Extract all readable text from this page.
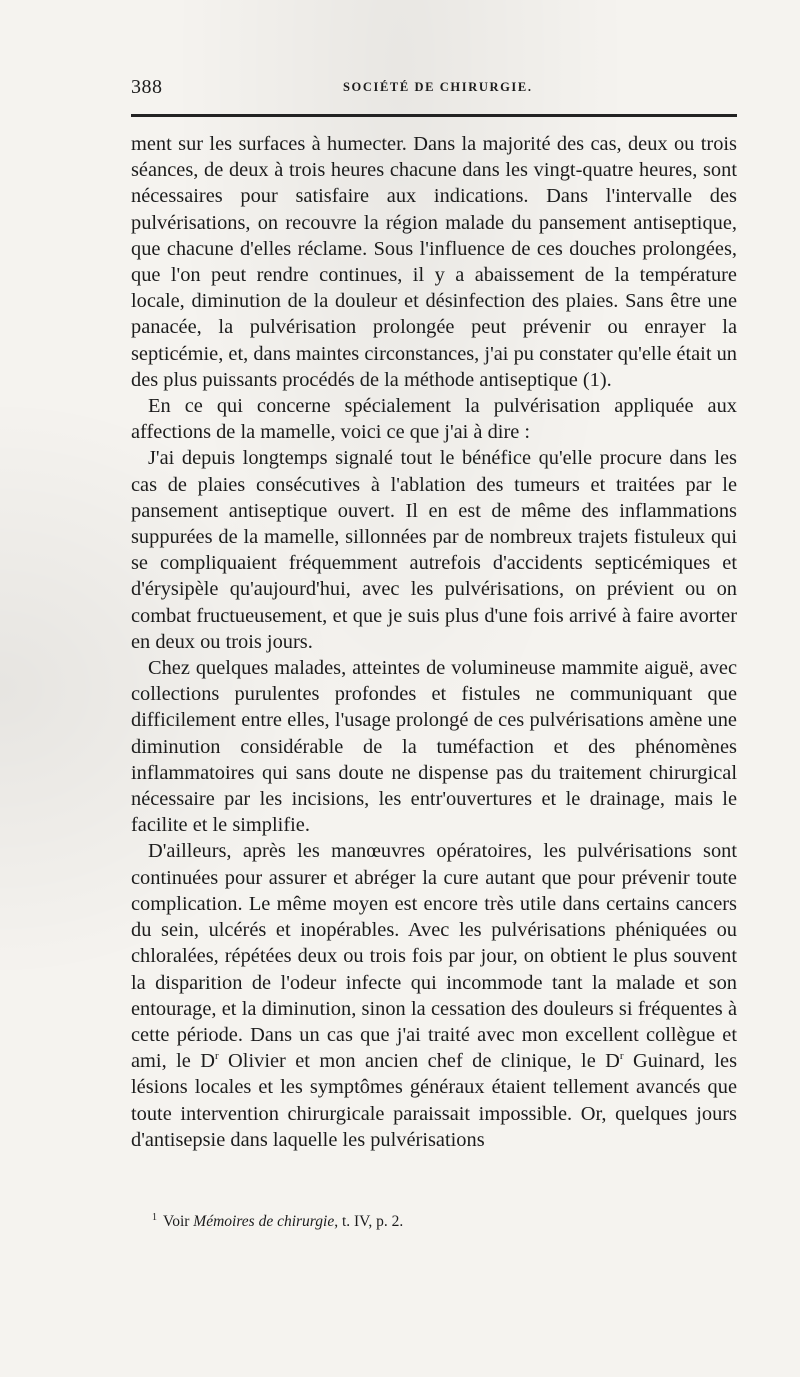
388	SOCIÉTÉ DE CHIRURGIE.

ment sur les surfaces à humecter. Dans la majorité des cas, deux ou trois séances, de deux à trois heures chacune dans les vingt-quatre heures, sont nécessaires pour satisfaire aux indications. Dans l'intervalle des pulvérisations, on recouvre la région malade du pansement antiseptique, que chacune d'elles réclame. Sous l'influence de ces douches prolongées, que l'on peut rendre continues, il y a abaissement de la température locale, diminution de la douleur et désinfection des plaies. Sans être une panacée, la pulvérisation prolongée peut prévenir ou enrayer la septicémie, et, dans maintes circonstances, j'ai pu constater qu'elle était un des plus puissants procédés de la méthode antiseptique (1).

En ce qui concerne spécialement la pulvérisation appliquée aux affections de la mamelle, voici ce que j'ai à dire :

J'ai depuis longtemps signalé tout le bénéfice qu'elle procure dans les cas de plaies consécutives à l'ablation des tumeurs et traitées par le pansement antiseptique ouvert. Il en est de même des inflammations suppurées de la mamelle, sillonnées par de nombreux trajets fistuleux qui se compliquaient fréquemment autrefois d'accidents septicémiques et d'érysipèle qu'aujourd'hui, avec les pulvérisations, on prévient ou on combat fructueusement, et que je suis plus d'une fois arrivé à faire avorter en deux ou trois jours.

Chez quelques malades, atteintes de volumineuse mammite aiguë, avec collections purulentes profondes et fistules ne communiquant que difficilement entre elles, l'usage prolongé de ces pulvérisations amène une diminution considérable de la tuméfaction et des phénomènes inflammatoires qui sans doute ne dispense pas du traitement chirurgical nécessaire par les incisions, les entr'ouvertures et le drainage, mais le facilite et le simplifie.

D'ailleurs, après les manœuvres opératoires, les pulvérisations sont continuées pour assurer et abréger la cure autant que pour prévenir toute complication. Le même moyen est encore très utile dans certains cancers du sein, ulcérés et inopérables. Avec les pulvérisations phéniquées ou chloralées, répétées deux ou trois fois par jour, on obtient le plus souvent la disparition de l'odeur infecte qui incommode tant la malade et son entourage, et la diminution, sinon la cessation des douleurs si fréquentes à cette période. Dans un cas que j'ai traité avec mon excellent collègue et ami, le $D^r$ Olivier et mon ancien chef de clinique, le $D^r$ Guinard, les lésions locales et les symptômes généraux étaient tellement avancés que toute intervention chirurgicale paraissait impossible. Or, quelques jours d'antisepsie dans laquelle les pulvérisations

$^1$ Voir Mémoires de chirurgie, t. IV, p. 2.
